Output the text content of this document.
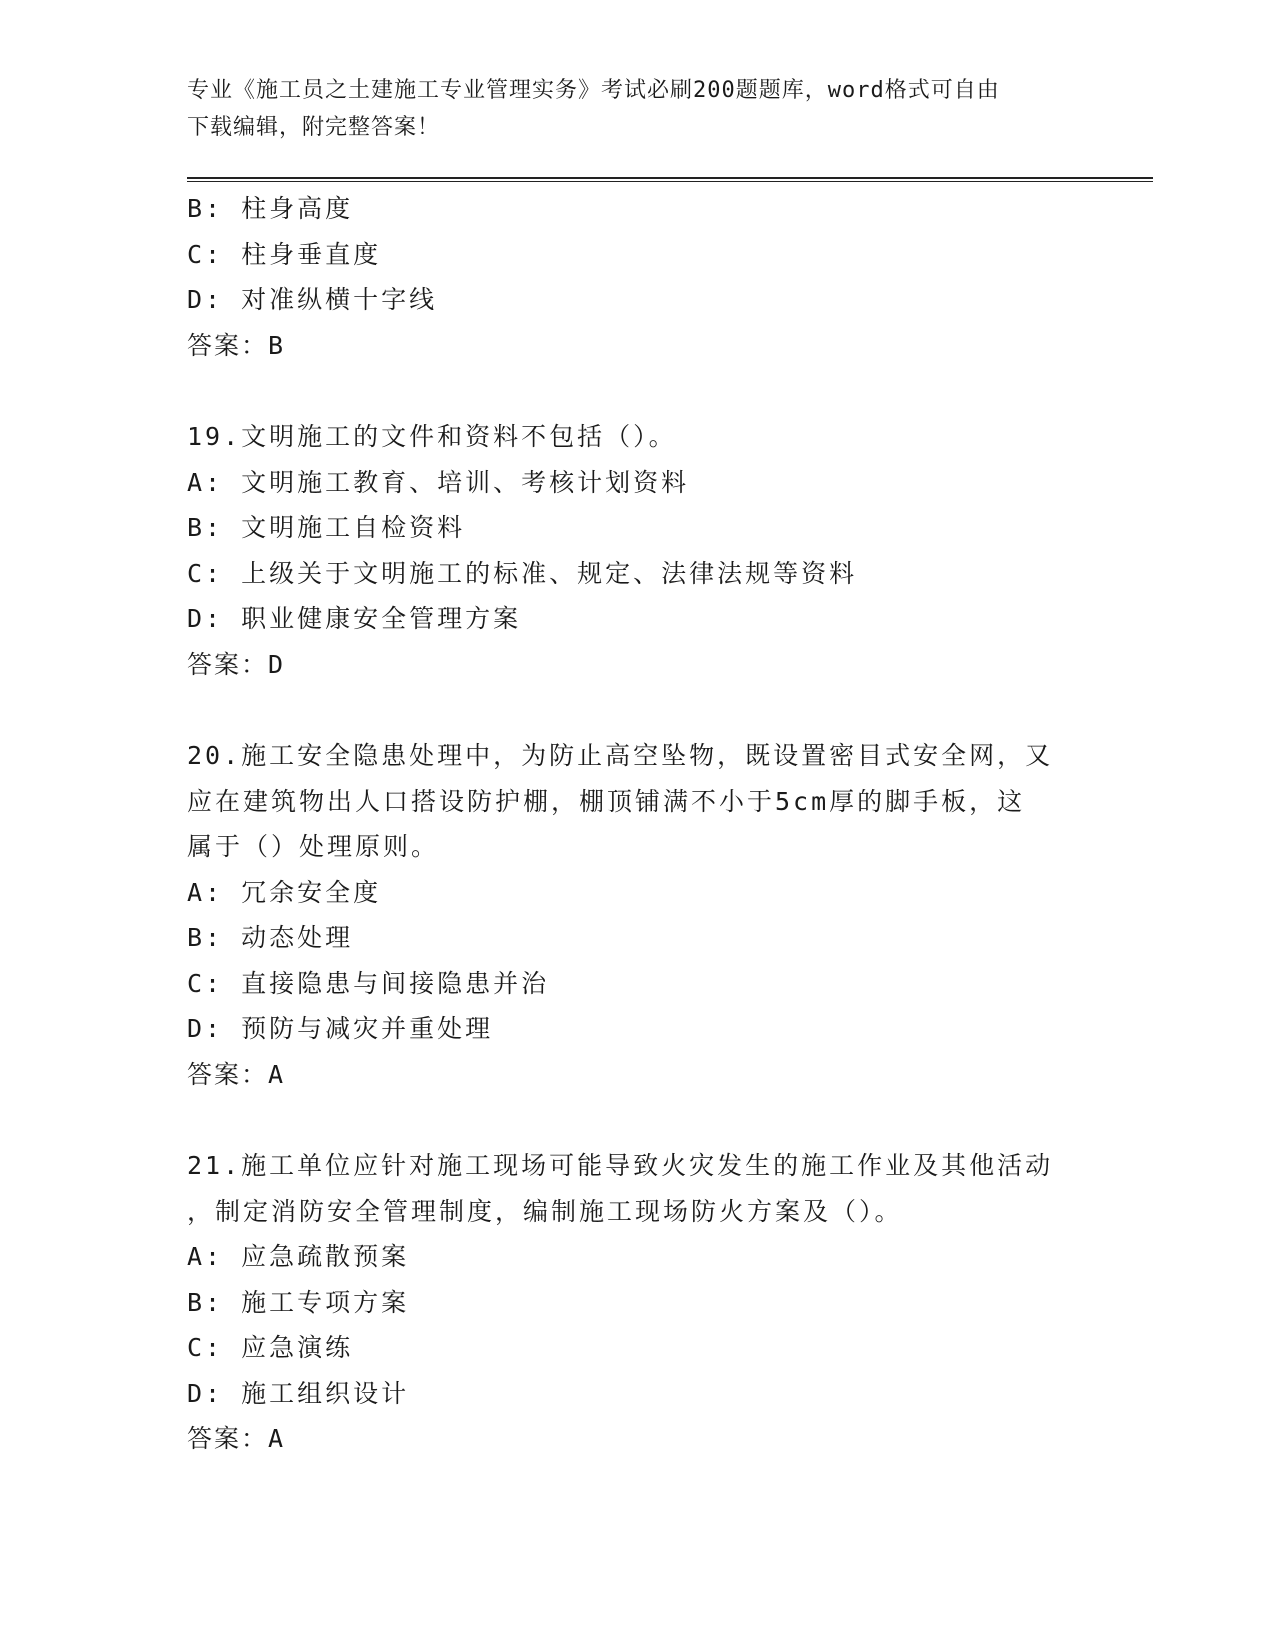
专业《施工员之土建施工专业管理实务》考试必刷200题题库，word格式可自由
下载编辑，附完整答案！
B: 柱身高度
C: 柱身垂直度
D: 对准纵横十字线
答案：B
19.文明施工的文件和资料不包括（）。
A: 文明施工教育、培训、考核计划资料
B: 文明施工自检资料
C: 上级关于文明施工的标准、规定、法律法规等资料
D: 职业健康安全管理方案
答案：D
20.施工安全隐患处理中，为防止高空坠物，既设置密目式安全网，又
应在建筑物出人口搭设防护棚，棚顶铺满不小于5cm厚的脚手板，这
属于（）处理原则。
A: 冗余安全度
B: 动态处理
C: 直接隐患与间接隐患并治
D: 预防与减灾并重处理
答案：A
21.施工单位应针对施工现场可能导致火灾发生的施工作业及其他活动
，制定消防安全管理制度，编制施工现场防火方案及（）。
A: 应急疏散预案
B: 施工专项方案
C: 应急演练
D: 施工组织设计
答案：A
